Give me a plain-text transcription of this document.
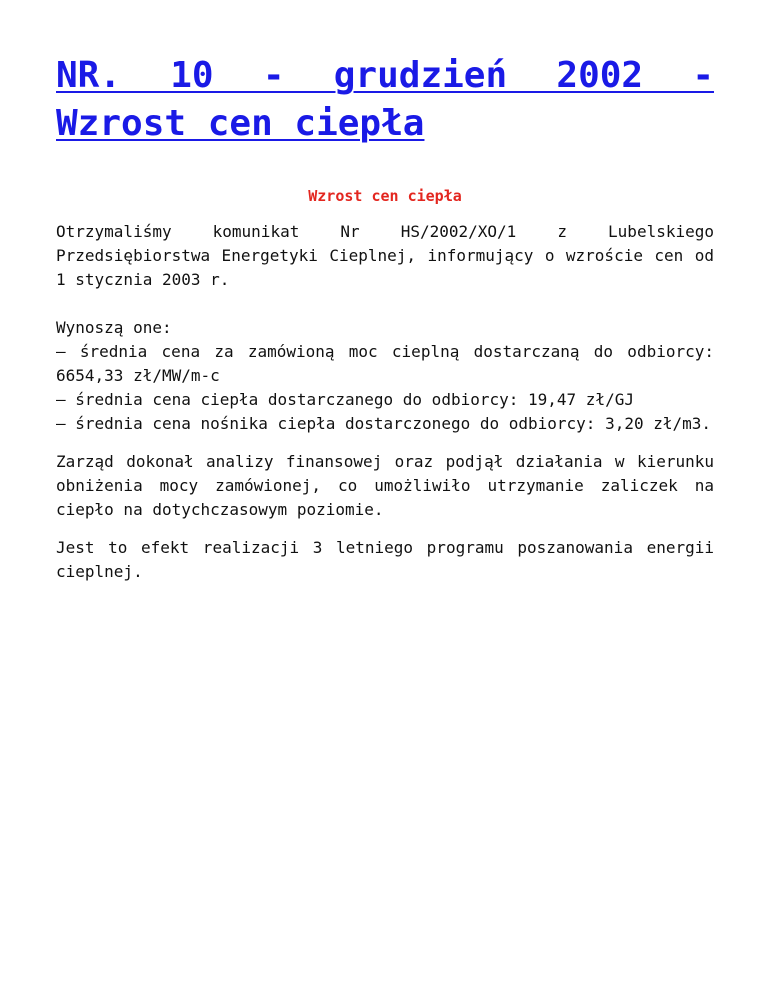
NR. 10 - grudzień 2002 - Wzrost cen ciepła
Wzrost cen ciepła

Otrzymaliśmy komunikat Nr HS/2002/XO/1 z Lubelskiego Przedsiębiorstwa Energetyki Cieplnej, informujący o wzroście cen od 1 stycznia 2003 r.

Wynoszą one:
– średnia cena za zamówioną moc cieplną dostarczaną do odbiorcy: 6654,33 zł/MW/m-c
– średnia cena ciepła dostarczanego do odbiorcy: 19,47 zł/GJ
– średnia cena nośnika ciepła dostarczonego do odbiorcy: 3,20 zł/m3.

Zarząd dokonał analizy finansowej oraz podjął działania w kierunku obniżenia mocy zamówionej, co umożliwiło utrzymanie zaliczek na ciepło na dotychczasowym poziomie.

Jest to efekt realizacji 3 letniego programu poszanowania energii cieplnej.
